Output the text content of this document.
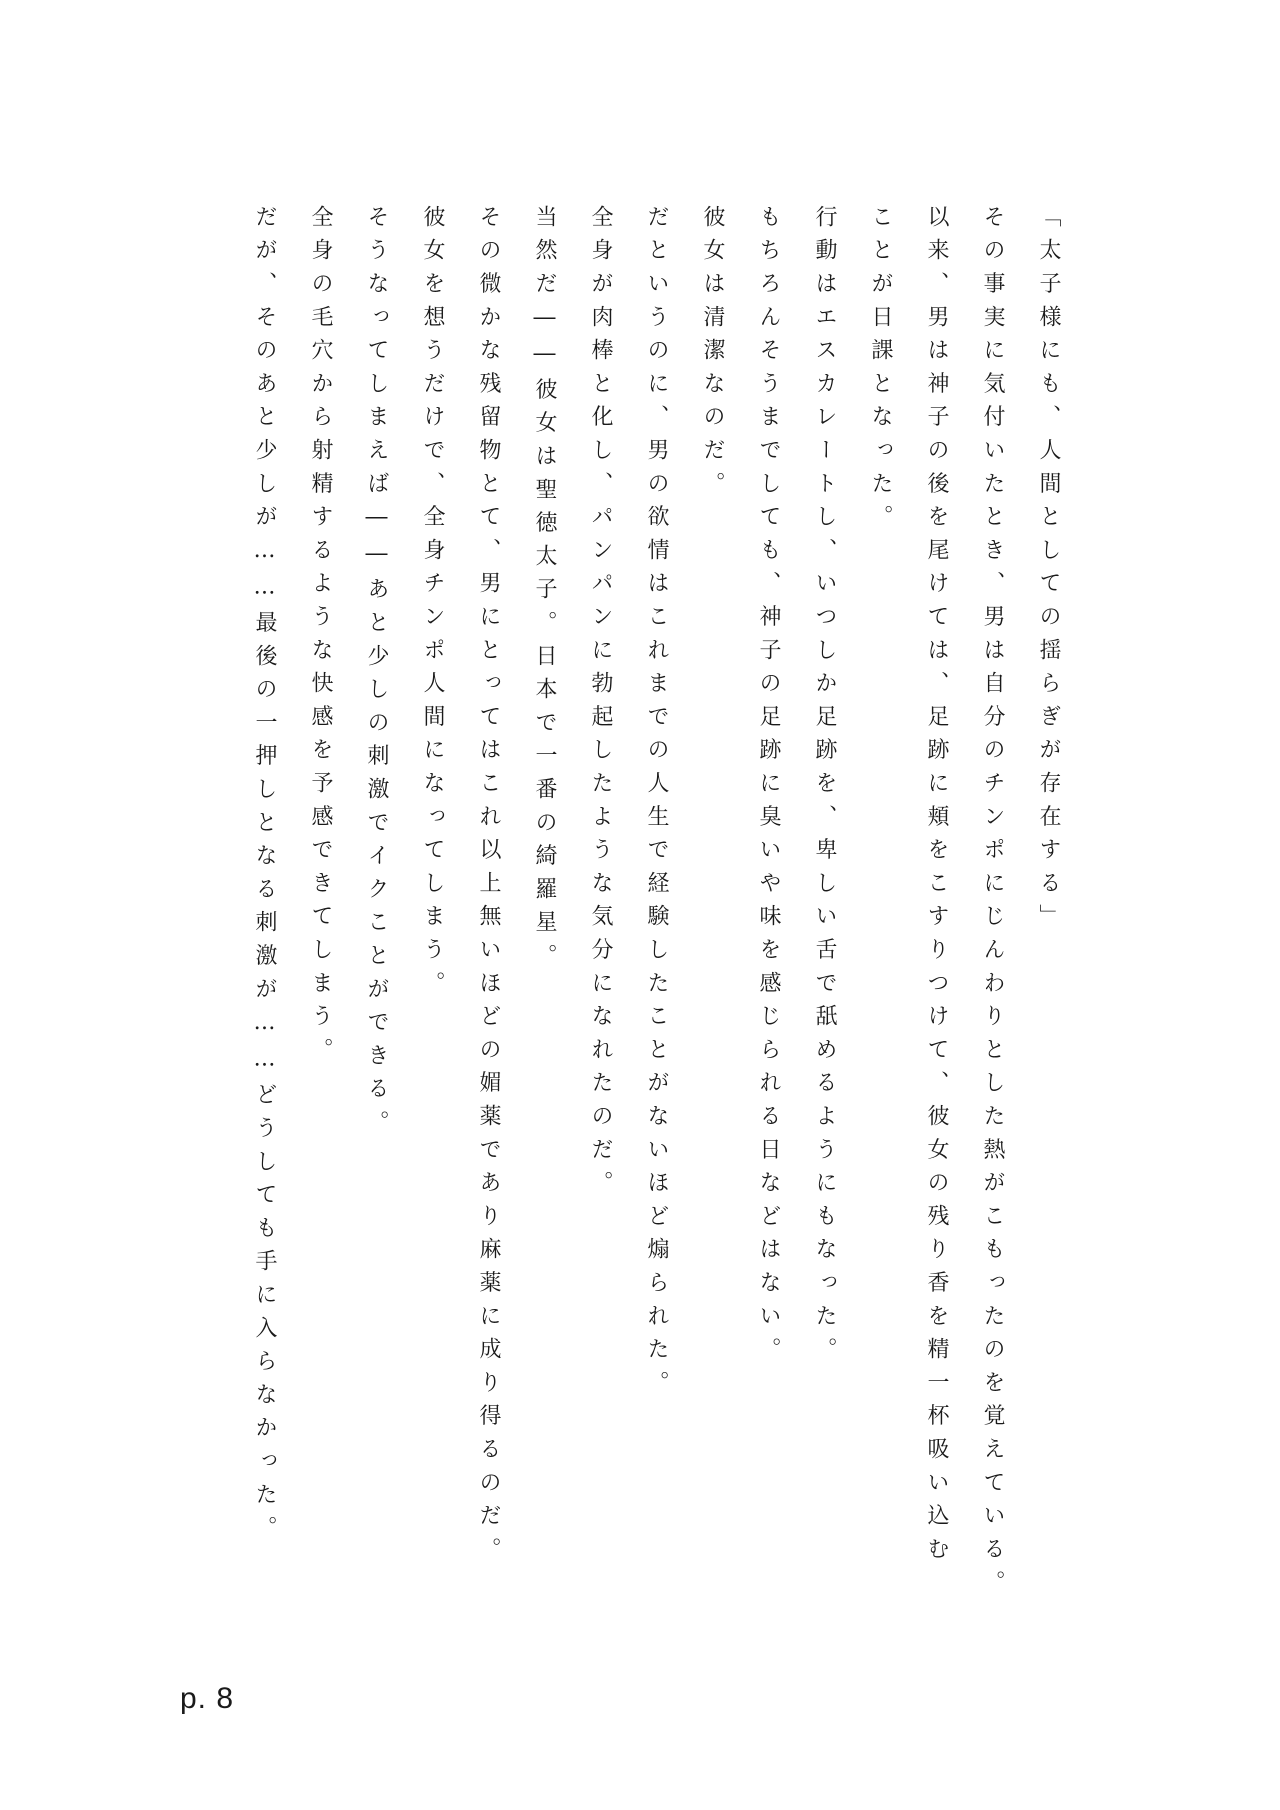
「太子様にも、人間としての揺らぎが存在する」

その事実に気付いたとき、男は自分のチンポにじんわりとした熱がこもったのを覚えている。

以来、男は神子の後を尾けては、足跡に頬をこすりつけて、彼女の残り香を精一杯吸い込む

ことが日課となった。

行動はエスカレートし、いつしか足跡を、卑しい舌で舐めるようにもなった。

もちろんそうまでしても、神子の足跡に臭いや味を感じられる日などはない。

彼女は清潔なのだ。

だというのに、男の欲情はこれまでの人生で経験したことがないほど煽られた。

全身が肉棒と化し、パンパンに勃起したような気分になれたのだ。

当然だ――彼女は聖徳太子。日本で一番の綺羅星。

その微かな残留物とて、男にとってはこれ以上無いほどの媚薬であり麻薬に成り得るのだ。

彼女を想うだけで、全身チンポ人間になってしまう。

そうなってしまえば――あと少しの刺激でイクことができる。

全身の毛穴から射精するような快感を予感できてしまう。

だが、そのあと少しが……最後の一押しとなる刺激が……どうしても手に入らなかった。

p. 8
